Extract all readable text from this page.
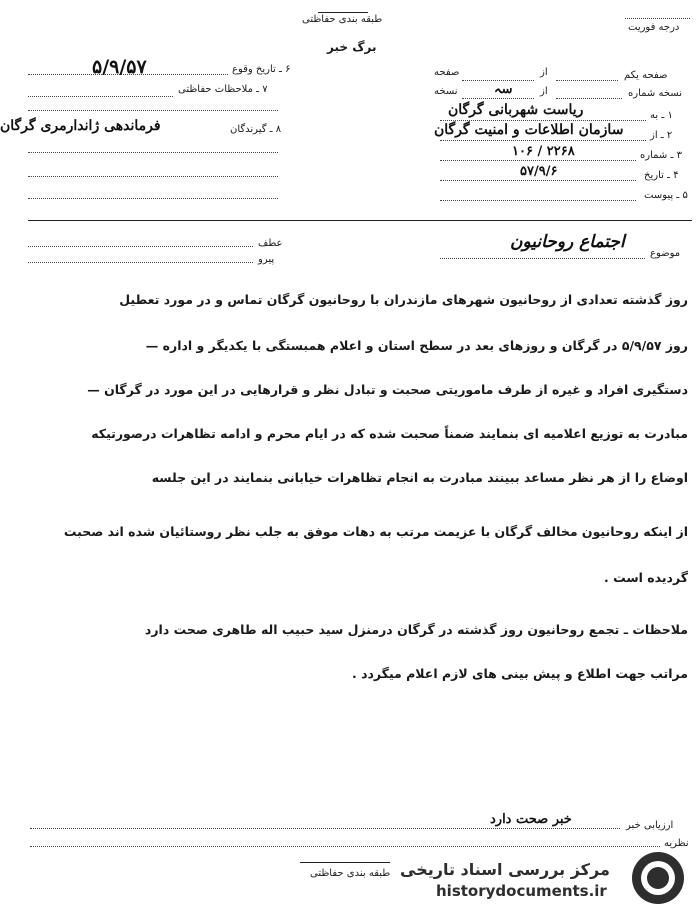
درجه فوریت
طبقه بندی حفاظتی
برگ خبر
۵/۹/۵۷	۶ ـ تاریخ وقوع
۷ ـ ملاحظات حفاظتی
فرماندهی ژاندارمری گرگان	۸ ـ گیرندگان
صفحه یکم
از
صفحه
نسخه شماره
از
سہ
نسخه
۱ ـ به
ریاست شهربانی گرگان
۲ ـ از
سازمان اطلاعات و امنیت گرگان
۳ ـ شماره
۱۰۶ / ۲۲۶۸
۴ ـ تاریخ
۵۷/۹/۶
۵ ـ پیوست
موضوع
اجتماع روحانیون
عطف
پیرو
روز گذشته تعدادی از روحانیون شهرهای مازندران با روحانیون گرگان تماس و در مورد تعطیل
روز ۵/۹/۵۷ در گرگان و روزهای بعد در سطح استان و اعلام همبستگی با یکدیگر و اداره —
دستگیری افراد و غیره از طرف ماموریتی صحبت و تبادل نظر و قرارهایی در این مورد در گرگان —
مبادرت به توزیع اعلامیه ای بنمایند ضمناً صحبت شده که در ایام محرم و ادامه تظاهرات درصورتیکه
اوضاع را از هر نظر مساعد ببینند مبادرت به انجام تظاهرات خیابانی بنمایند در این جلسه
از اینکه روحانیون مخالف گرگان با عزیمت مرتب به دهات موفق به جلب نظر روستائیان شده اند صحبت
گردیده است .
ملاحظات ـ تجمع روحانیون روز گذشته در گرگان درمنزل سید حبیب اله طاهری صحت دارد
مراتب جهت اطلاع و پیش بینی های لازم اعلام میگردد .
ارزیابی خبر
خبر صحت دارد
نظریه
طبقه بندی حفاظتی مرکز بررسی اسناد تاریخی
historydocuments.ir
